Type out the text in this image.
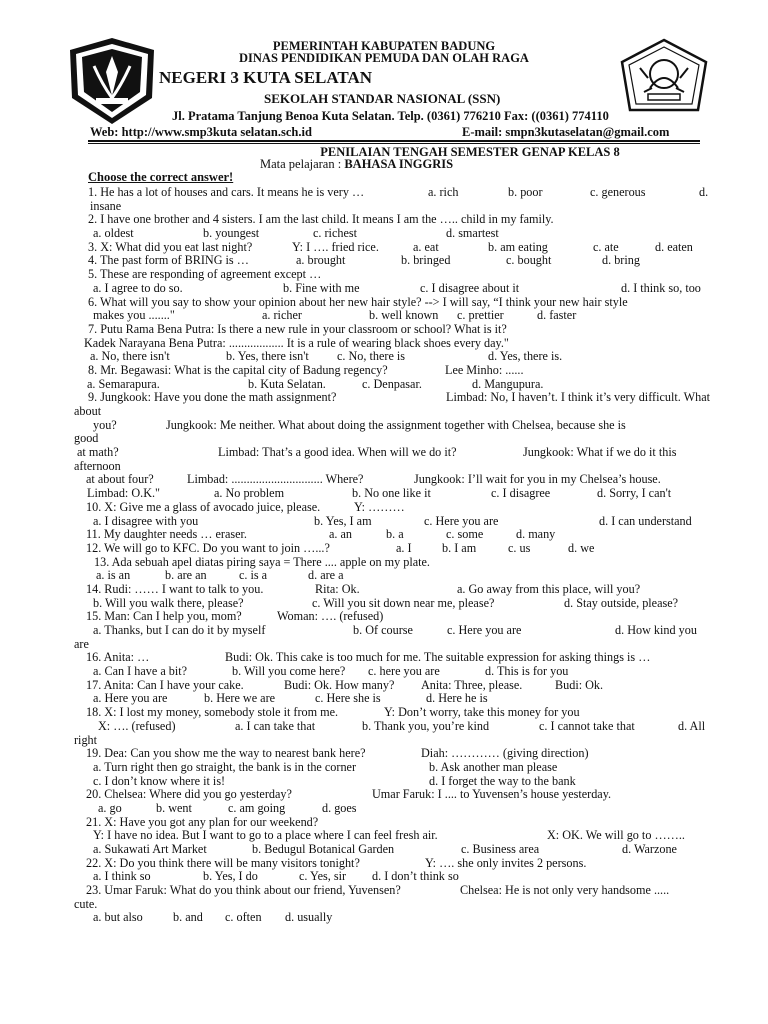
PEMERINTAH KABUPATEN BADUNG
DINAS PENDIDIKAN PEMUDA DAN OLAH RAGA
NEGERI 3 KUTA SELATAN
SEKOLAH STANDAR NASIONAL (SSN)
Jl. Pratama Tanjung Benoa Kuta Selatan. Telp. (0361) 776210 Fax: ((0361) 774110
Web: http://www.smp3kuta selatan.sch.id	E-mail: smpn3kutaselatan@gmail.com
PENILAIAN TENGAH SEMESTER GENAP KELAS 8
Mata pelajaran : BAHASA INGGRIS
Choose the correct answer!
1. He has a lot of houses and cars. It means he is very …	a. rich	b. poor	c. generous	d.
insane
2. I have one brother and 4 sisters. I am the last child. It means I am the ….. child in my family.
a. oldest	b. youngest	c. richest	d. smartest
3. X: What did you eat last night?	Y: I …. fried rice.	a. eat	b. am eating	c. ate	d. eaten
4. The past form of BRING is …	a. brought	b. bringed	c. bought	d. bring
5. These are responding of agreement except …
a. I agree to do so.	b. Fine with me	c. I disagree about it	d. I think so, too
6. What will you say to show your opinion about her new hair style? --> I will say, “I think your new hair style
makes you ......."	a. richer	b. well known c. prettier	d. faster
7. Putu Rama Bena Putra: Is there a new rule in your classroom or school? What is it?
Kadek Narayana Bena Putra: .................. It is a rule of wearing black shoes every day."
a. No, there isn't	b. Yes, there isn't c. No, there is	d. Yes, there is.
8. Mr. Begawasi: What is the capital city of Badung regency?	Lee Minho: ......
a. Semarapura.	b. Kuta Selatan.	c. Denpasar.	d. Mangupura.
9. Jungkook: Have you done the math assignment?	Limbad: No, I haven’t. I think it’s very difficult. What
about
you?	Jungkook: Me neither. What about doing the assignment together with Chelsea, because she is
good
at math?	Limbad: That’s a good idea. When will we do it?	Jungkook: What if we do it this
afternoon
at about four?	Limbad: .............................. Where?	Jungkook: I’ll wait for you in my Chelsea’s house.
Limbad: O.K."	a. No problem	b. No one like it	c. I disagree	d. Sorry, I can't
10. X: Give me a glass of avocado juice, please.	Y: ………
a. I disagree with you	b. Yes, I am	c. Here you are	d. I can understand
11. My daughter needs … eraser.	a. an	b. a	c. some	d. many
12. We will go to KFC. Do you want to join …...?	a. I b. I am	c. us	d. we
13. Ada sebuah apel diatas piring saya = There .... apple on my plate.
a. is an	b. are an	c. is a	d. are a
14. Rudi: …… I want to talk to you.	Rita: Ok.	a. Go away from this place, will you?
b. Will you walk there, please?	c. Will you sit down near me, please?	d. Stay outside, please?
15. Man: Can I help you, mom?	Woman: …. (refused)
a. Thanks, but I can do it by myself	b. Of course	c. Here you are	d. How kind you
are
16. Anita: …	Budi: Ok. This cake is too much for me. The suitable expression for asking things is …
a. Can I have a bit?	b. Will you come here? c. here you are	d. This is for you
17. Anita: Can I have your cake.	Budi: Ok. How many? Anita: Three, please.	Budi: Ok.
a. Here you are	b. Here we are	c. Here she is	d. Here he is
18. X: I lost my money, somebody stole it from me.	Y: Don’t worry, take this money for you
X: …. (refused)	a. I can take that	b. Thank you, you’re kind	c. I cannot take that	d. All
right
19. Dea: Can you show me the way to nearest bank here?	Diah: ………… (giving direction)
a. Turn right then go straight, the bank is in the corner	b. Ask another man please
c. I don’t know where it is!	d. I forget the way to the bank
20. Chelsea: Where did you go yesterday?	Umar Faruk: I .... to Yuvensen’s house yesterday.
a. go	b. went	c. am going	d. goes
21. X: Have you got any plan for our weekend?
Y: I have no idea. But I want to go to a place where I can feel fresh air.	X: OK. We will go to ……..
a. Sukawati Art Market	b. Bedugul Botanical Garden	c. Business area	d. Warzone
22. X: Do you think there will be many visitors tonight?	Y: …. she only invites 2 persons.
a. I think so	b. Yes, I do	c. Yes, sir d. I don’t think so
23. Umar Faruk: What do you think about our friend, Yuvensen?	Chelsea: He is not only very handsome .....
cute.
a. but also b. and c. often d. usually
